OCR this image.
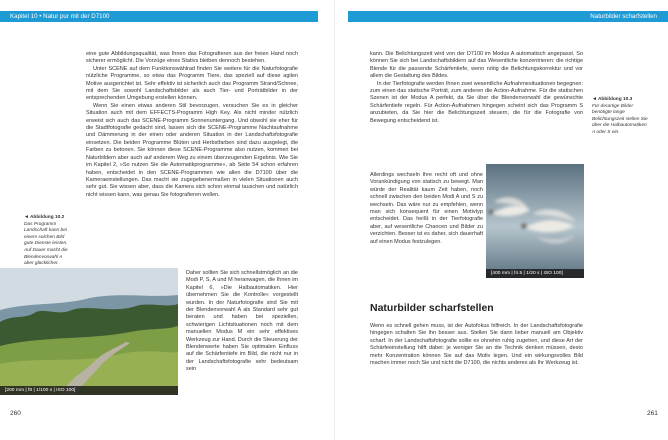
Kapitel 10 • Natur pur mit der D7100	Naturbilder scharfstellen

eine gute Abbildungsqualität, was Ihnen das Fotografieren aus der freien Hand noch sicherer ermöglicht. Die Vorzüge eines Stativs bleiben dennoch bestehen.

Unter SCENE auf dem Funktionswählrad finden Sie weitere für die Naturfotografie nützliche Programme, so etwa das Programm Tiere, das speziell auf diese agilen Motive ausgerichtet ist. Sehr effektiv ist sicherlich auch das Programm Strand/Schnee, mit dem Sie sowohl Landschaftsbilder als auch Tier- und Porträtbilder in der entsprechenden Umgebung erstellen können.

Wenn Sie einen etwas anderen Stil bevorzugen, versuchen Sie es in gleicher Situation auch mit dem EFFECTS-Programm High Key. Als nicht minder nützlich erweist sich auch das SCENE-Programm Sonnenuntergang. Und obwohl sie eher für die Stadtfotografie gedacht sind, lassen sich die SCENE-Programme Nachtaufnahme und Dämmerung in der einen oder anderen Situation in der Landschaftsfotografie einsetzen. Die beiden Programme Blüten und Herbstfarben sind dazu ausgelegt, die Farben zu betonen. Sie können diese SCENE-Programme also nutzen, kommen bei Naturbildern aber auch auf anderem Weg zu einem überzeugenden Ergebnis. Wie Sie im Kapitel 2, »So nutzen Sie die Automatikprogramme«, ab Seite 54 schon erfahren haben, entscheidet in den SCENE-Programmen wie allen die D7100 über die Kameraeinstellungen. Das macht sie zugegebenermaßen in vielen Situationen auch sehr gut. Sie wissen aber, dass die Kamera sich schon einmal tauschen und natürlich nicht wissen kann, was genau Sie fotografieren wollen.

Daher sollten Sie sich schnellstmöglich an die Modi P, S, A und M heranwagen, die Ihnen im Kapitel 6, »Die Halbautomatiken. Hier übernehmen Sie die Kontrolle« vorgestellt wurden. In der Naturfotografie sind Sie mit der Blendenvorwahl A als Standard sehr gut beraten und haben bei speziellen, schwierigen Lichtsituationen noch mit dem manuellen Modus M ein sehr effektives Werkzeug zur Hand. Durch die Steuerung der Blendenwerte haben Sie optimalen Einfluss auf die Schärfentiefe im Bild, die nicht nur in der Landschaftsfotografie sehr bedeutsam sein

◄Abbildung 10.2
Das Programm Landschaft kann bei einem solchen Bild gute Dienste leisten. Auf Dauer macht die Blendenvorwahl A aber glücklicher.
[200 mm | f8 | 1/100 s | ISO 100]
260

kann. Die Belichtungszeit wird von der D7100 im Modus A automatisch angepasst. So können Sie sich bei Landschaftsbildern auf das Wesentliche konzentrieren: die richtige Blende für die passende Schärfentiefe, wenn nötig die Belichtungskorrektur und vor allem die Gestaltung des Bildes.

In der Tierfotografie werden Ihnen zwei wesentliche Aufnahmesituationen begegnen: zum einen das statische Porträt, zum anderen die Action-Aufnahme. Für die statischen Szenen ist der Modus A perfekt, da Sie über die Blendenvorwahl die gewünschte Schärfentiefe regeln. Für Action-Aufnahmen hingegen scheint sich das Programm S anzubieten, da Sie hier die Belichtungszeit steuern, die für die Fotografie von Bewegung entscheidend ist.

Allerdings wechseln Ihre recht oft und ohne Vorankündigung von statisch zu bewegt. Man würde der Realität kaum Zeit haben, noch schnell zwischen den beiden Modi A und S zu wechseln. Das wäre nur zu empfehlen, wenn man sich konsequent für einen Motivtyp entscheidet. Das heißt in der Tierfotografie aber, auf wesentliche Chancen und Bilder zu verzichten. Besser ist es daher, sich dauerhaft auf einen Modus festzulegen.

[400 mm | f4.5 | 1/20 s | ISO 100]
◄Abbildung 10.3
Für derartige Bilder benötigte lange Belichtungszeit stellen Sie über die Halbautomatiken A oder S ein.
Naturbilder scharfstellen

Wenn es schnell gehen muss, ist der Autofokus hilfreich. In der Landschaftsfotografie hingegen schalten Sie ihn besser aus. Stellen Sie dann lieber manuell am Objektiv scharf. In der Landschaftsfotografie sollte es ohnehin ruhig zugehen, und diese Art der Schärfeeinstellung hilft dabei: je weniger Sie an die Technik denken müssen, desto mehr Konzentration können Sie auf das Motiv legen. Und ein wirkungsvolles Bild machen immer noch Sie und nicht die D7100, die nichts anderes als Ihr Werkzeug ist.

261
